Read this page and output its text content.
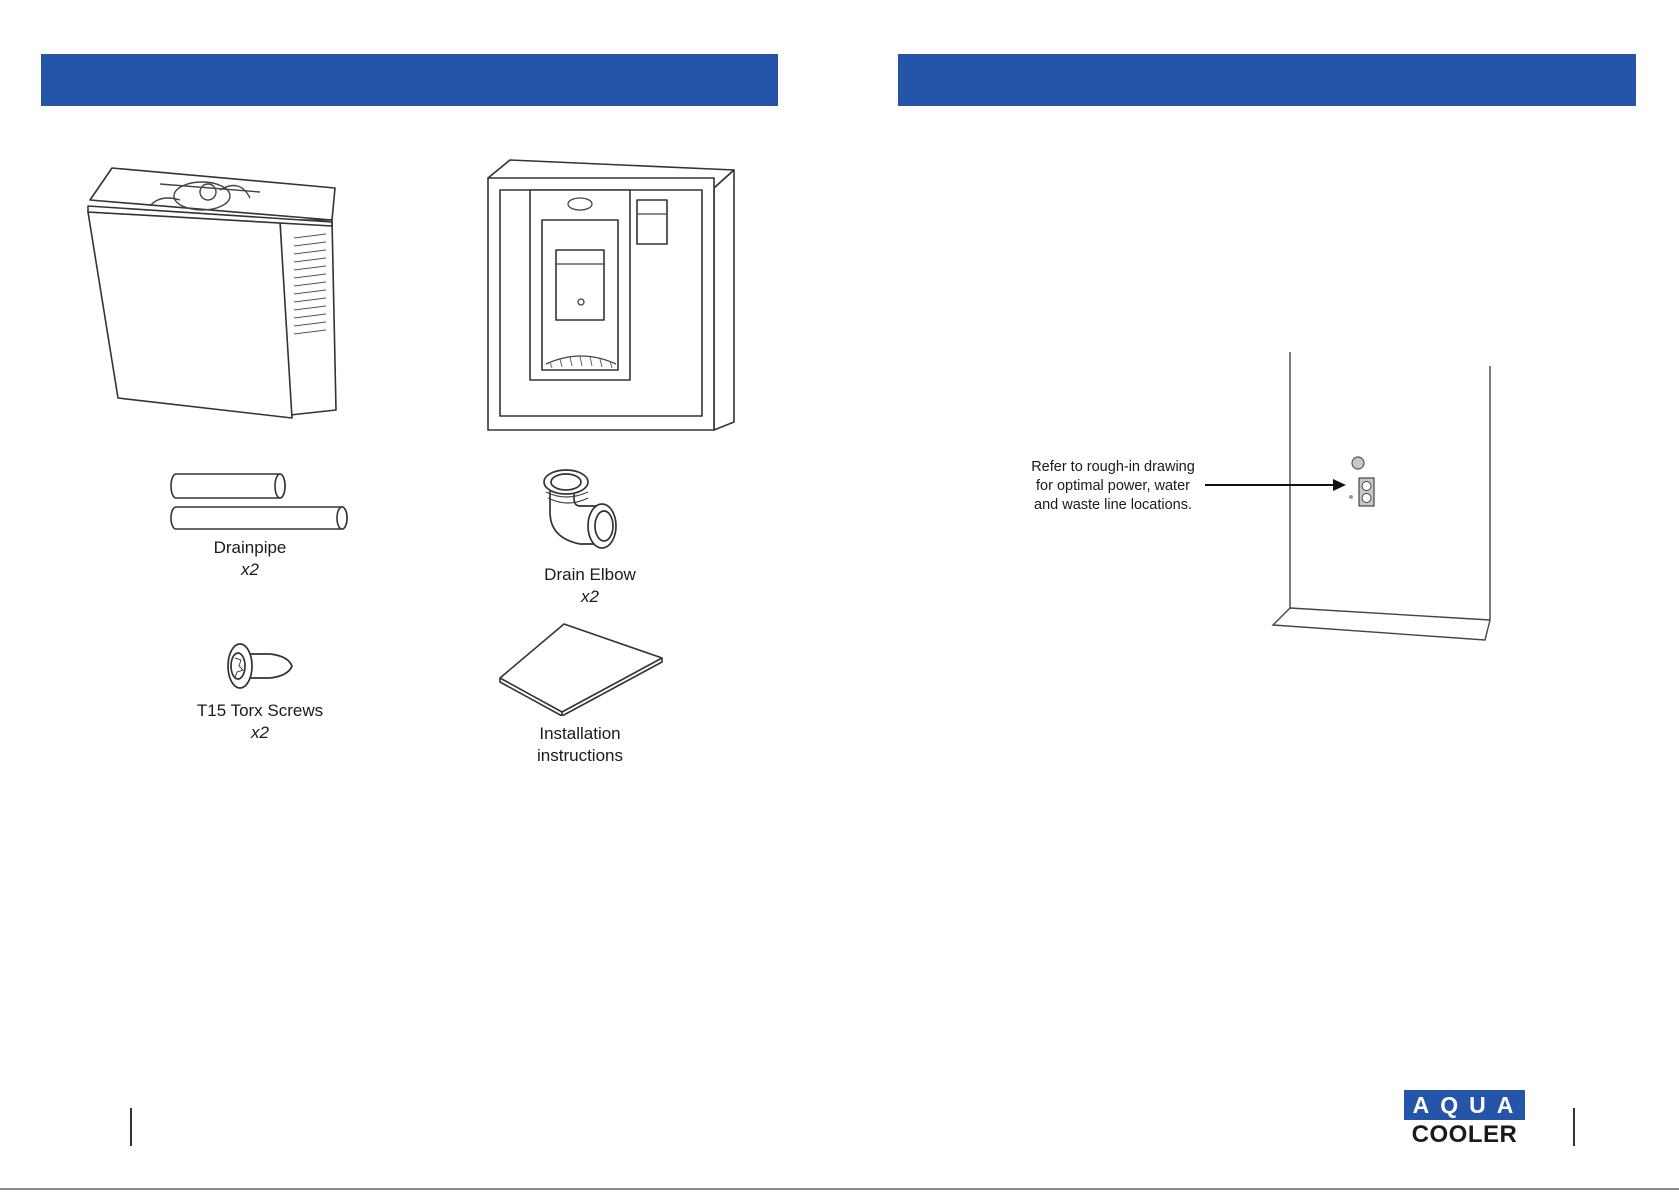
Drainpipe
x2	Drain Elbow
x2
T15 Torx Screws
x2	Installation
instructions
Refer to rough-in drawing
for optimal power, water
and waste line locations.
AQUA
COOLER
